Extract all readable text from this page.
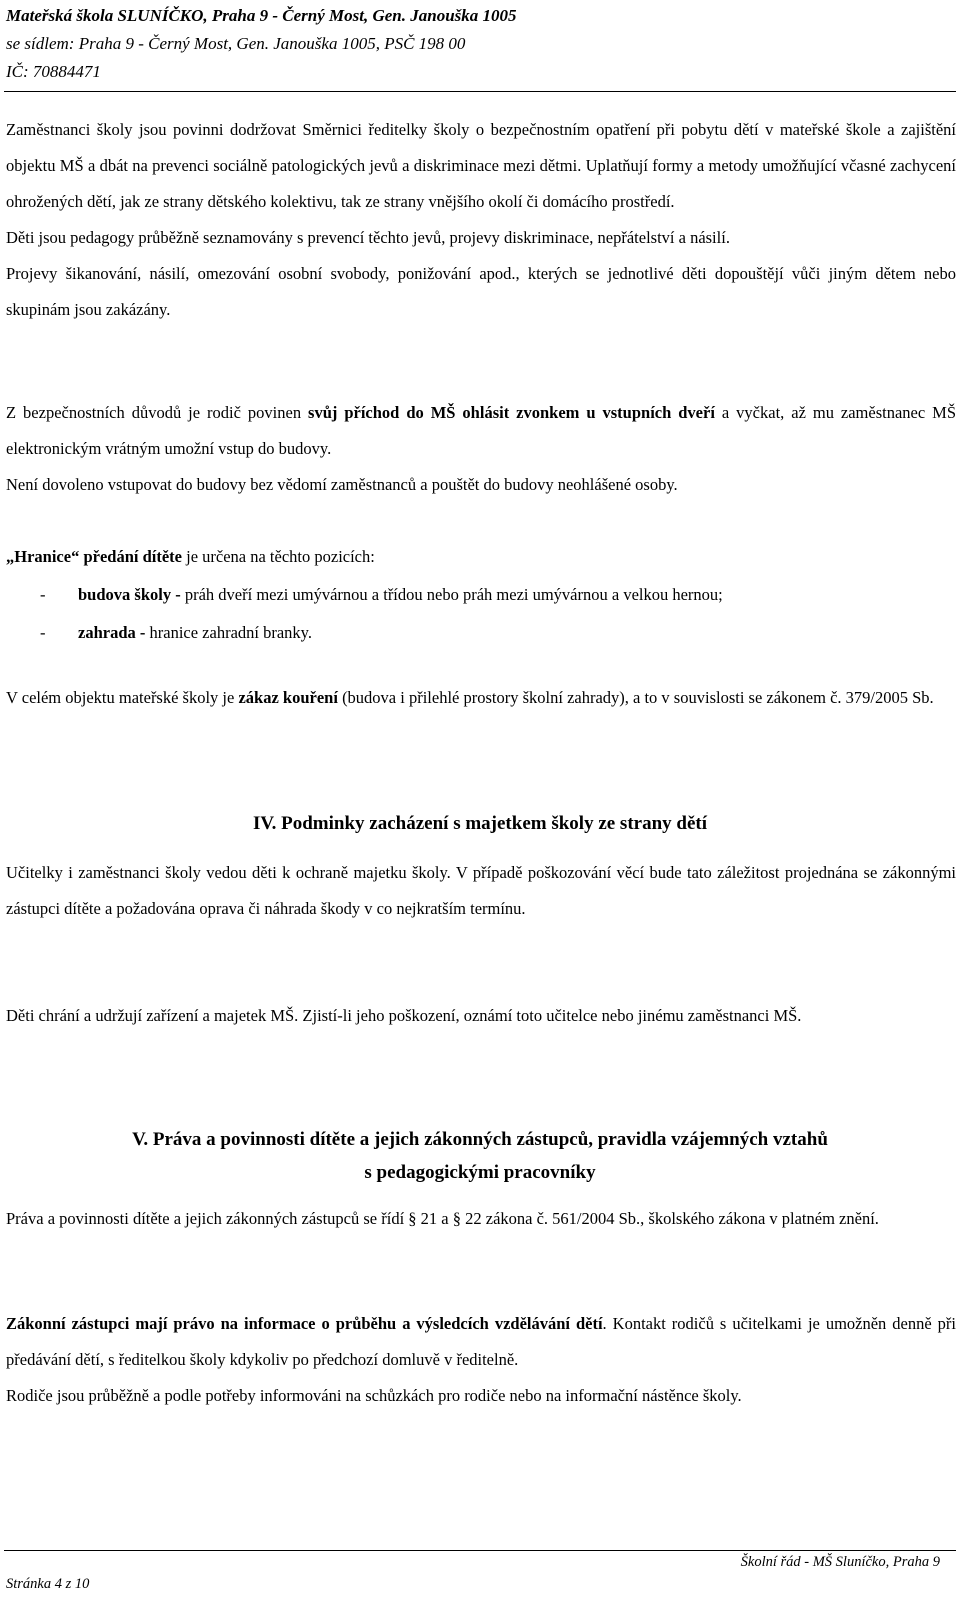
Mateřská škola SLUNÍČKO, Praha 9 - Černý Most, Gen. Janouška 1005
se sídlem: Praha 9 - Černý Most, Gen. Janouška 1005, PSČ 198 00
IČ: 70884471

Zaměstnanci školy jsou povinni dodržovat Směrnici ředitelky školy o bezpečnostním opatření při pobytu dětí v mateřské škole a zajištění objektu MŠ a dbát na prevenci sociálně patologických jevů a diskriminace mezi dětmi. Uplatňují formy a metody umožňující včasné zachycení ohrožených dětí, jak ze strany dětského kolektivu, tak ze strany vnějšího okolí či domácího prostředí.

Děti jsou pedagogy průběžně seznamovány s prevencí těchto jevů, projevy diskriminace, nepřátelství a násilí.

Projevy šikanování, násilí, omezování osobní svobody, ponižování apod., kterých se jednotlivé děti dopouštějí vůči jiným dětem nebo skupinám jsou zakázány.

Z bezpečnostních důvodů je rodič povinen svůj příchod do MŠ ohlásit zvonkem u vstupních dveří a vyčkat, až mu zaměstnanec MŠ elektronickým vrátným umožní vstup do budovy.

Není dovoleno vstupovat do budovy bez vědomí zaměstnanců a pouštět do budovy neohlášené osoby.

„Hranice“ předání dítěte je určena na těchto pozicích:

- budova školy - práh dveří mezi umývárnou a třídou nebo práh mezi umývárnou a velkou hernou;
- zahrada - hranice zahradní branky.

V celém objektu mateřské školy je zákaz kouření (budova i přilehlé prostory školní zahrady), a to v souvislosti se zákonem č. 379/2005 Sb.

IV. Podminky zacházení s majetkem školy ze strany dětí

Učitelky i zaměstnanci školy vedou děti k ochraně majetku školy. V případě poškozování věcí bude tato záležitost projednána se zákonnými zástupci dítěte a požadována oprava či náhrada škody v co nejkratším termínu.

Děti chrání a udržují zařízení a majetek MŠ. Zjistí-li jeho poškození, oznámí toto učitelce nebo jinému zaměstnanci MŠ.

V. Práva a povinnosti dítěte a jejich zákonných zástupců, pravidla vzájemných vztahů
s pedagogickými pracovníky

Práva a povinnosti dítěte a jejich zákonných zástupců se řídí § 21 a § 22 zákona č. 561/2004 Sb., školského zákona v platném znění.

Zákonní zástupci mají právo na informace o průběhu a výsledcích vzdělávání dětí. Kontakt rodičů s učitelkami je umožněn denně při předávání dětí, s ředitelkou školy kdykoliv po předchozí domluvě v ředitelně.

Rodiče jsou průběžně a podle potřeby informováni na schůzkách pro rodiče nebo na informační nástěnce školy.

Školní řád - MŠ Sluníčko, Praha 9
Stránka 4 z 10
